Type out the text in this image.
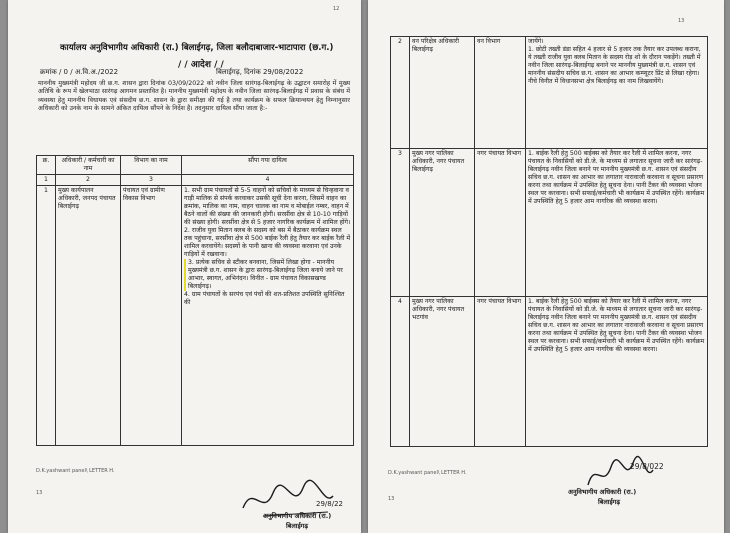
12
कार्यालय अनुविभागीय अधिकारी (रा.) बिलाईगढ़, जिला बलौदाबाजार-भाटापारा (छ.ग.)
/ / आदेश / /
क्रमांक / 0 / अ.वि.अ./2022	बिलाईगढ़, दिनांक 29/08/2022
माननीय मुख्यमंत्री महोदय जी छ.ग. शासन द्वारा दिनांक 03/09/2022 को नवीन जिला सारंगढ़-बिलाईगढ़ के उद्घाटन समारोह में मुख्य अतिथि के रूप में खेलभाठा सारंगढ़ आगमन प्रस्तावित है। माननीय मुख्यमंत्री महोदय के नवीन जिला सारंगढ़-बिलाईगढ़ में प्रवास के संबंध में व्यवस्था हेतु माननीय विधायक एवं संसदीय छ.ग. शासन के द्वारा समीक्षा की गई है तथा कार्यक्रम के सफल क्रियान्वयन हेतु निम्नानुसार अधिकारी को उनके नाम के सामने अंकित दायित्व सौंपने के निर्देश है। तदनुसार दायित्व सौंपा जाता है:-
क्र.	अधिकारी / कर्मचारी का नाम	विभाग का नाम	सौंपा गया दायित्व
1	2	3	4
1	मुख्य कार्यपालन अधिकारी, जनपद पंचायत बिलाईगढ़	पंचायत एवं ग्रामीण विकास विभाग	1. सभी ग्राम पंचायतों से 5-5 वाहनों को सचिवों के माध्यम से चिन्हवाना व गाड़ी मालिक से संपर्क करवाकर उसकी सूची देना करना, जिसमें वाहन का क्रमांक, मालिक का नाम, वाहन चालक का नाम व मोबाईल नम्बर, वाहन में बैठने वालों की संख्या की जानकारी होगी। सरसींवा क्षेत्र से 10-10 गाड़ियों की संख्या होगी। सरसींवा क्षेत्र से 5 हजार नागरिक कार्यक्रम में शामिल होंगे।
2. राजीव युवा मितान क्लब के सदस्य को बस में बैठाकर कार्यक्रम स्थल तक पहुंचाना, सरसींवा क्षेत्र से 500 बाईक रैली हेतु तैयार कर बाईक रैली में शामिल करवायेंगे। सदस्यों के पानी खाना की व्यवस्था करवाना एवं उनके गाड़ियों में रखवाना।
3. प्रत्येक सचिव से स्टीकर बनवाना, जिसमें लिखा होगा - माननीय मुख्यमंत्री छ.ग. शासन के द्वारा सारंगढ़-बिलाईगढ़ जिला बनाये जाने पर आभार, स्वागत, अभिनंदन। विनीत - ग्राम पंचायत विकासखण्ड बिलाईगढ़।
4. ग्राम पंचायतों के सरपंच एवं पंचों की शत-प्रतिशत उपस्थिति सुनिश्चित की
D.K.yashwant panel\ LETTER H.
13
अनुविभागीय अधिकारी (रा.)
बिलाईगढ़
29/8/22
13
2	वन परिक्षेत्र अधिकारी बिलाईगढ़	वन विभाग	जायेंगे।
1. छोटी तख्ती डंडा सहित 4 हजार से 5 हजार तक तैयार कर उपलब्ध कराना, ये तख्ती राजीव युवा क्लब मितान के सदस्य रोड़ शो के दौरान पकड़ेंगे। तख्ती में नवीन जिला सारंगढ़-बिलाईगढ़ बनाने पर माननीय मुख्यमंत्री छ.ग. शासन एवं माननीय संसदीय सचिव छ.ग. शासन का आभार कम्प्यूटर प्रिंट से लिखा रहेगा। नीचे विनीत में विधानसभा क्षेत्र बिलाईगढ़ का नाम लिखवायेंगे।
3	मुख्य नगर पालिका अधिकारी, नगर पंचायत बिलाईगढ़	नगर पंचायत विभाग	1. बाईक रैली हेतु 500 बाईक्स को तैयार कर रैली में शामिल करना, नगर पंचायत के निवासियों को डी.जे. के माध्यम से लगातार सूचना जारी कर सारंगढ़-बिलाईगढ़ नवीन जिला बनाने पर माननीय मुख्यमंत्री छ.ग. शासन एवं संसदीय सचिव छ.ग. शासन का आभार का लगातार नारावाजी करवाना व सूचना प्रसारण करना तथा कार्यक्रम में उपस्थित हेतु सूचना देना। पानी टैंकर की व्यवस्था भोजन स्थल पर करवाना। सभी सफाई/कर्मचारी भी कार्यक्रम में उपस्थित रहेंगे। कार्यक्रम में उपस्थिति हेतु 5 हजार आम नागरिक की व्यवस्था करना।
4	मुख्य नगर पालिका अधिकारी, नगर पंचायत भटगांव	नगर पंचायत विभाग	1. बाईक रैली हेतु 500 बाईक्स को तैयार कर रैली में शामिल करना, नगर पंचायत के निवासियों को डी.जे. के माध्यम से लगातार सूचना जारी कर सारंगढ़-बिलाईगढ़ नवीन जिला बनाने पर माननीय मुख्यमंत्री छ.ग. शासन एवं संसदीय सचिव छ.ग. शासन का आभार का लगातार नारावाजी करवाना व सूचना प्रसारण करना तथा कार्यक्रम में उपस्थित हेतु सूचना देना। पानी टैंकर की व्यवस्था भोजन स्थल पर करवाना। सभी सफाई/कर्मचारी भी कार्यक्रम में उपस्थित रहेंगे। कार्यक्रम में उपस्थिति हेतु 5 हजार आम नागरिक की व्यवस्था करना।
D.K.yashwant panel\ LETTER H.
13
29/8/022
अनुविभागीय अधिकारी (रा.)
बिलाईगढ़
